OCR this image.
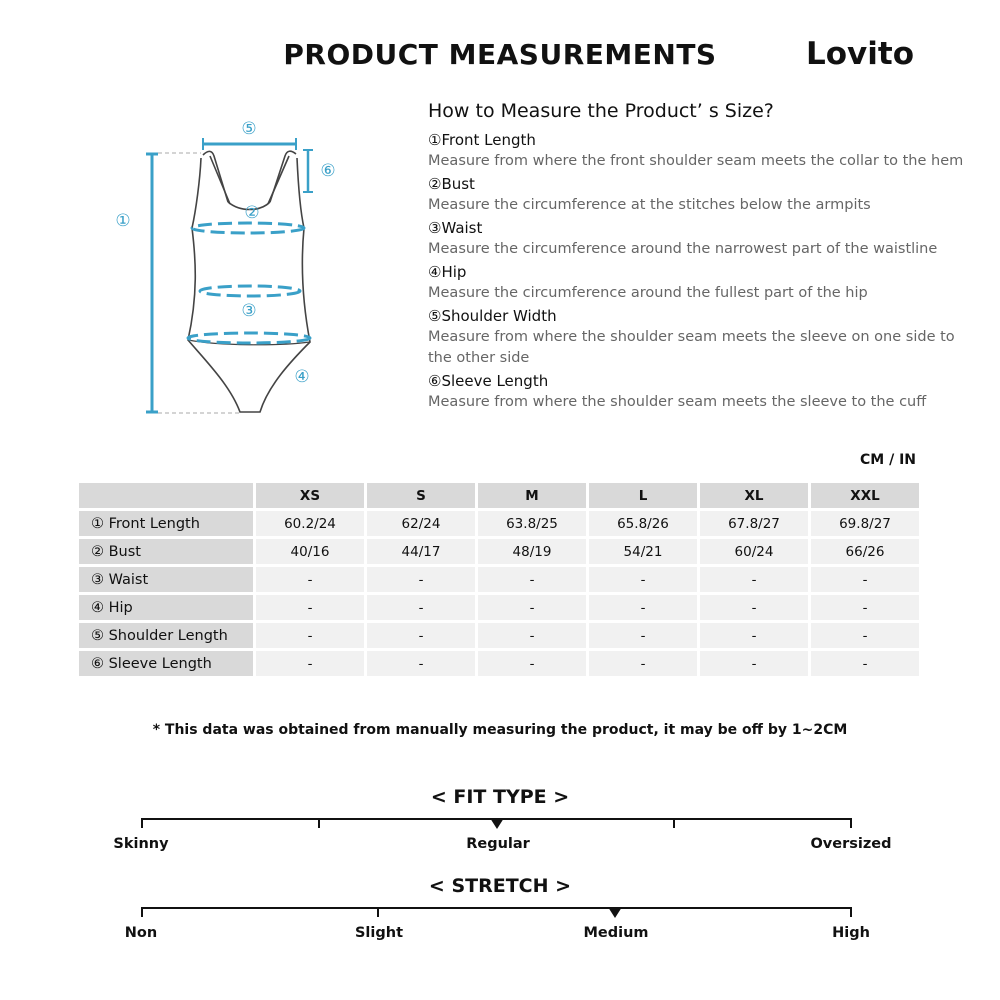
PRODUCT MEASUREMENTS	Lovito
⑤
⑥
①	②
③
④
How to Measure the Product’ s Size?
①Front Length
Measure from where the front shoulder seam meets the collar to the hem
②Bust
Measure the circumference at the stitches below the armpits
③Waist
Measure the circumference around the narrowest part of the waistline
④Hip
Measure the circumference around the fullest part of the hip
⑤Shoulder Width
Measure from where the shoulder seam meets the sleeve on one side to the other side
⑥Sleeve Length
Measure from where the shoulder seam meets the sleeve to the cuff
CM / IN
	XS	S	M	L	XL	XXL
① Front Length	60.2/24	62/24	63.8/25	65.8/26	67.8/27	69.8/27
② Bust	40/16	44/17	48/19	54/21	60/24	66/26
③ Waist	-	-	-	-	-	-
④ Hip	-	-	-	-	-	-
⑤ Shoulder Length	-	-	-	-	-	-
⑥ Sleeve Length	-	-	-	-	-	-
* This data was obtained from manually measuring the product, it may be off by 1~2CM
< FIT TYPE >
Skinny	Regular	Oversized
< STRETCH >
Non	Slight	Medium	High
